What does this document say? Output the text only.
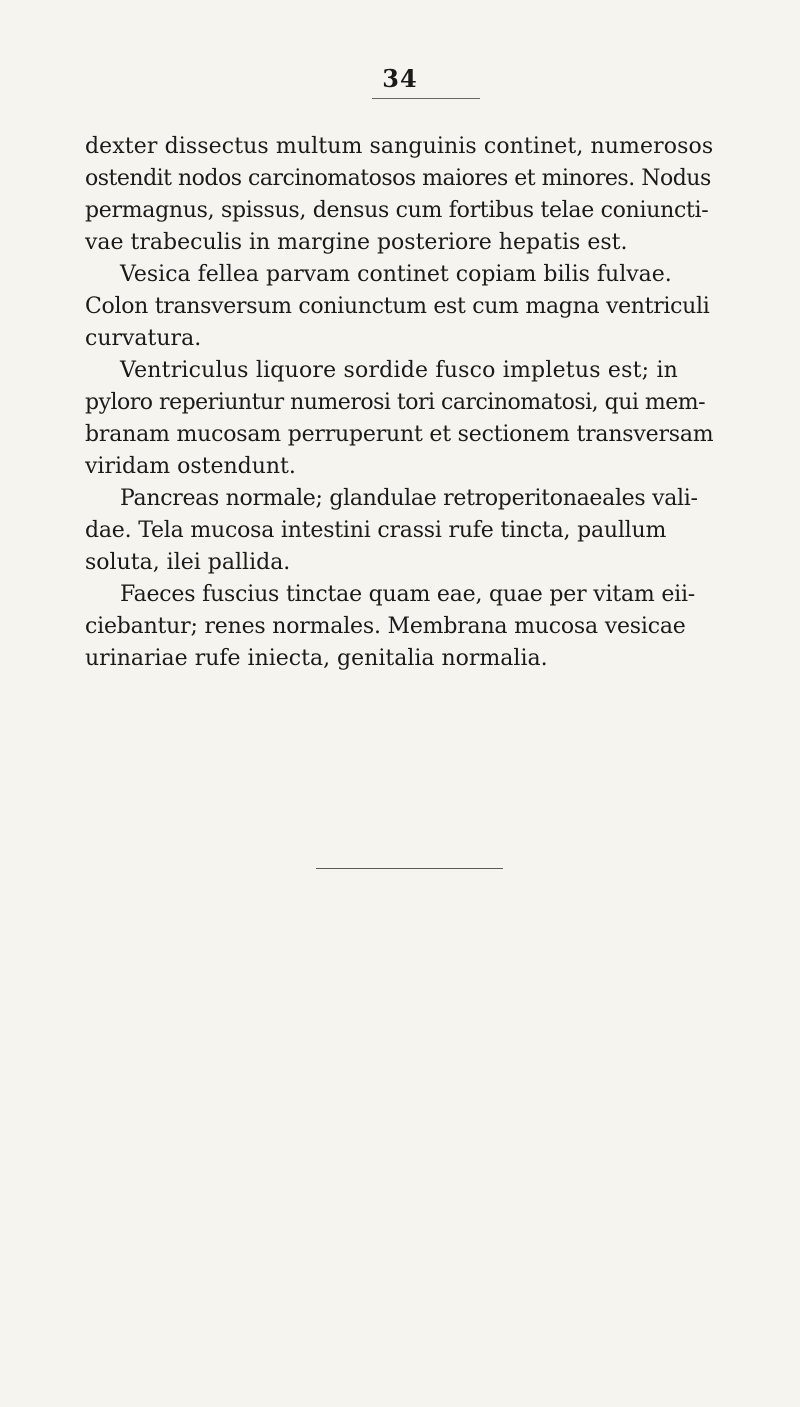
34
dexter dissectus multum sanguinis continet, numerosos
ostendit nodos carcinomatosos maiores et minores. Nodus
permagnus, spissus, densus cum fortibus telae coniuncti-
vae trabeculis in margine posteriore hepatis est.
Vesica fellea parvam continet copiam bilis fulvae.
Colon transversum coniunctum est cum magna ventriculi
curvatura.
Ventriculus liquore sordide fusco impletus est; in
pyloro reperiuntur numerosi tori carcinomatosi, qui mem-
branam mucosam perruperunt et sectionem transversam
viridam ostendunt.
Pancreas normale; glandulae retroperitonaeales vali-
dae. Tela mucosa intestini crassi rufe tincta, paullum
soluta, ilei pallida.
Faeces fuscius tinctae quam eae, quae per vitam eii-
ciebantur; renes normales. Membrana mucosa vesicae
urinariae rufe iniecta, genitalia normalia.
